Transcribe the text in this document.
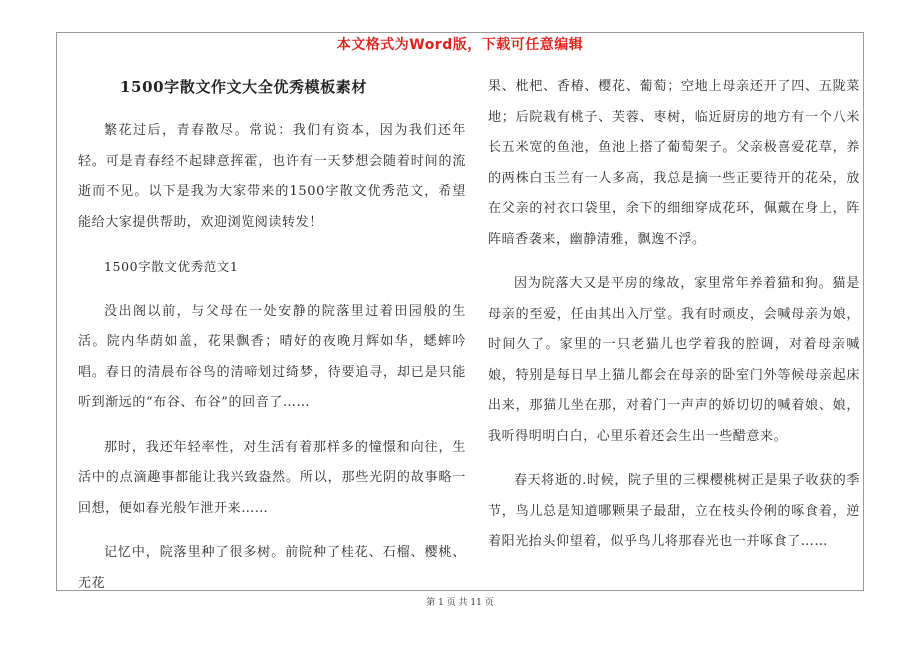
本文格式为Word版，下载可任意编辑
1500字散文作文大全优秀模板素材

繁花过后，青春散尽。常说：我们有资本，因为我们还年轻。可是青春经不起肆意挥霍，也许有一天梦想会随着时间的流逝而不见。以下是我为大家带来的1500字散文优秀范文，希望能给大家提供帮助，欢迎浏览阅读转发！

1500字散文优秀范文1

没出阁以前，与父母在一处安静的院落里过着田园般的生活。院内华荫如盖，花果飘香；晴好的夜晚月辉如华，蟋蟀吟唱。春日的清晨布谷鸟的清啼划过绮梦，待要追寻，却已是只能听到渐远的“布谷、布谷”的回音了……

那时，我还年轻率性，对生活有着那样多的憧憬和向往，生活中的点滴趣事都能让我兴致盎然。所以，那些光阴的故事略一回想，便如春光般乍泄开来……

记忆中，院落里种了很多树。前院种了桂花、石榴、樱桃、无花

果、枇杷、香椿、樱花、葡萄；空地上母亲还开了四、五陇菜地；后院栽有桃子、芙蓉、枣树，临近厨房的地方有一个八米长五米宽的鱼池，鱼池上搭了葡萄架子。父亲极喜爱花草，养的两株白玉兰有一人多高，我总是摘一些正要待开的花朵，放在父亲的衬衣口袋里，余下的细细穿成花环，佩戴在身上，阵阵暗香袭来，幽静清雅，飘逸不浮。

因为院落大又是平房的缘故，家里常年养着猫和狗。猫是母亲的至爱，任由其出入厅堂。我有时顽皮，会喊母亲为娘，时间久了。家里的一只老猫儿也学着我的腔调，对着母亲喊娘，特别是每日早上猫儿都会在母亲的卧室门外等候母亲起床出来，那猫儿坐在那，对着门一声声的娇切切的喊着娘、娘，我听得明明白白，心里乐着还会生出一些醋意来。

春天将逝的.时候，院子里的三棵樱桃树正是果子收获的季节，鸟儿总是知道哪颗果子最甜，立在枝头伶俐的啄食着，逆着阳光抬头仰望着，似乎鸟儿将那春光也一并啄食了……

第 1 页 共 11 页
